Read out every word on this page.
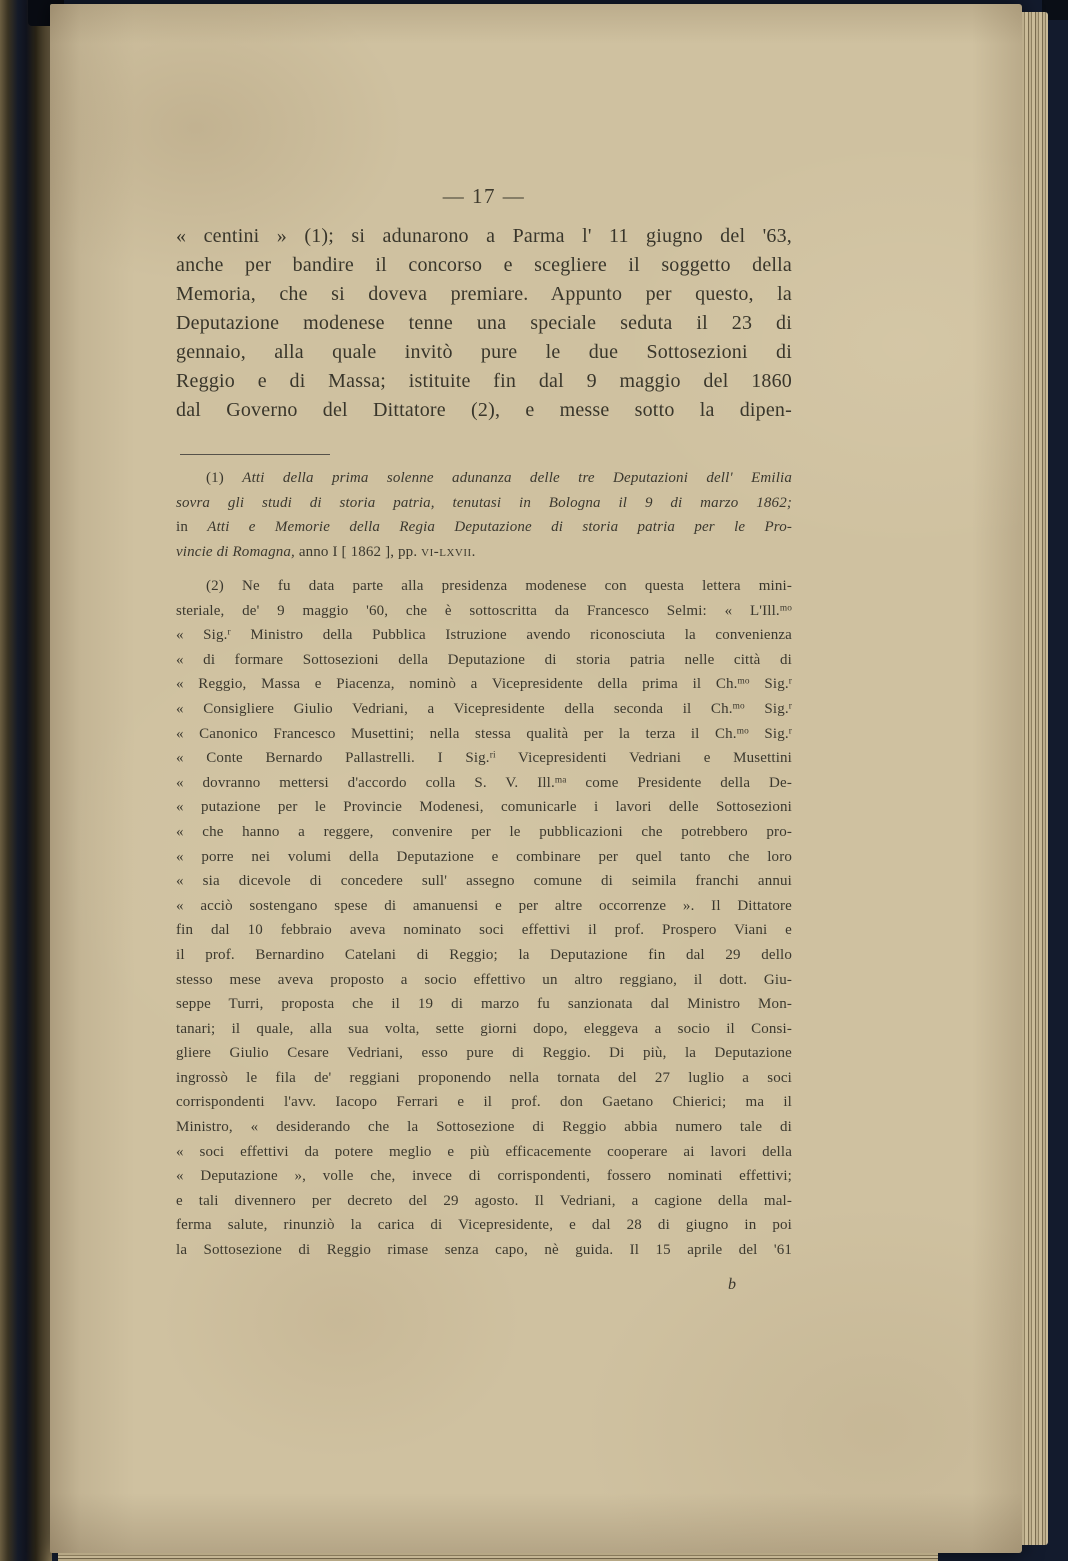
— 17 —
« centini » (1); si adunarono a Parma l' 11 giugno del '63,
anche per bandire il concorso e scegliere il soggetto della
Memoria, che si doveva premiare. Appunto per questo, la
Deputazione modenese tenne una speciale seduta il 23 di
gennaio, alla quale invitò pure le due Sottosezioni di
Reggio e di Massa; istituite fin dal 9 maggio del 1860
dal Governo del Dittatore (2), e messe sotto la dipen-
(1) Atti della prima solenne adunanza delle tre Deputazioni dell' Emilia
sovra gli studi di storia patria, tenutasi in Bologna il 9 di marzo 1862;
in Atti e Memorie della Regia Deputazione di storia patria per le Pro-
vincie di Romagna, anno I [ 1862 ], pp. vi-lxvii.
(2) Ne fu data parte alla presidenza modenese con questa lettera mini-
steriale, de' 9 maggio '60, che è sottoscritta da Francesco Selmi: « L'Ill.$^{mo}$
« Sig.$^r$ Ministro della Pubblica Istruzione avendo riconosciuta la convenienza
« di formare Sottosezioni della Deputazione di storia patria nelle città di
« Reggio, Massa e Piacenza, nominò a Vicepresidente della prima il Ch.$^{mo}$ Sig.$^r$
« Consigliere Giulio Vedriani, a Vicepresidente della seconda il Ch.$^{mo}$ Sig.$^r$
« Canonico Francesco Musettini; nella stessa qualità per la terza il Ch.$^{mo}$ Sig.$^r$
« Conte Bernardo Pallastrelli. I Sig.$^{ri}$ Vicepresidenti Vedriani e Musettini
« dovranno mettersi d'accordo colla S. V. Ill.$^{ma}$ come Presidente della De-
« putazione per le Provincie Modenesi, comunicarle i lavori delle Sottosezioni
« che hanno a reggere, convenire per le pubblicazioni che potrebbero pro-
« porre nei volumi della Deputazione e combinare per quel tanto che loro
« sia dicevole di concedere sull' assegno comune di seimila franchi annui
« acciò sostengano spese di amanuensi e per altre occorrenze ». Il Dittatore
fin dal 10 febbraio aveva nominato soci effettivi il prof. Prospero Viani e
il prof. Bernardino Catelani di Reggio; la Deputazione fin dal 29 dello
stesso mese aveva proposto a socio effettivo un altro reggiano, il dott. Giu-
seppe Turri, proposta che il 19 di marzo fu sanzionata dal Ministro Mon-
tanari; il quale, alla sua volta, sette giorni dopo, eleggeva a socio il Consi-
gliere Giulio Cesare Vedriani, esso pure di Reggio. Di più, la Deputazione
ingrossò le fila de' reggiani proponendo nella tornata del 27 luglio a soci
corrispondenti l'avv. Iacopo Ferrari e il prof. don Gaetano Chierici; ma il
Ministro, « desiderando che la Sottosezione di Reggio abbia numero tale di
« soci effettivi da potere meglio e più efficacemente cooperare ai lavori della
« Deputazione », volle che, invece di corrispondenti, fossero nominati effettivi;
e tali divennero per decreto del 29 agosto. Il Vedriani, a cagione della mal-
ferma salute, rinunziò la carica di Vicepresidente, e dal 28 di giugno in poi
la Sottosezione di Reggio rimase senza capo, nè guida. Il 15 aprile del '61
b
